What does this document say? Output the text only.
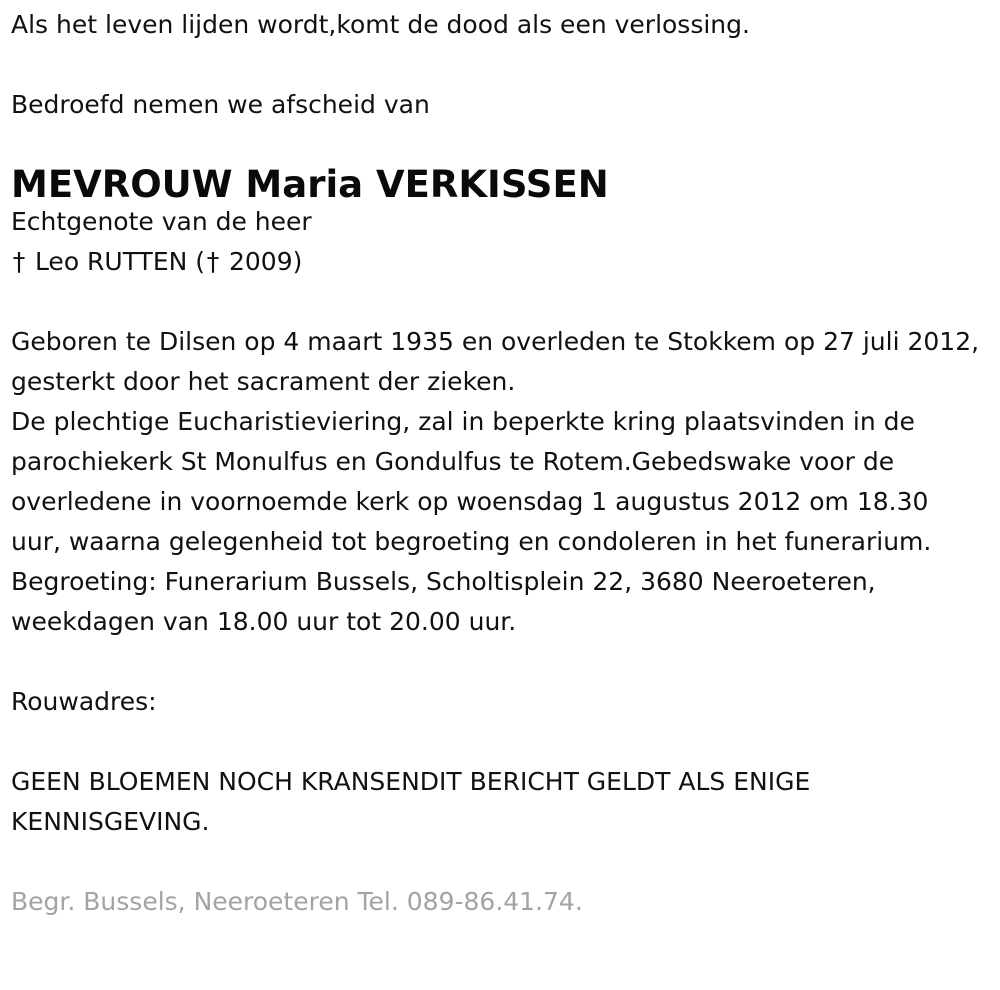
Als het leven lijden wordt,komt de dood als een verlossing.
Bedroefd nemen we afscheid van
MEVROUW Maria VERKISSEN
Echtgenote van de heer
† Leo RUTTEN († 2009)
Geboren te Dilsen op 4 maart 1935 en overleden te Stokkem op 27 juli 2012, gesterkt door het sacrament der zieken.
De plechtige Eucharistieviering, zal in beperkte kring plaatsvinden in de parochiekerk St Monulfus en Gondulfus te Rotem.Gebedswake voor de overledene in voornoemde kerk op woensdag 1 augustus 2012 om 18.30 uur, waarna gelegenheid tot begroeting en condoleren in het funerarium.
Begroeting: Funerarium Bussels, Scholtisplein 22, 3680 Neeroeteren, weekdagen van 18.00 uur tot 20.00 uur.
Rouwadres:
GEEN BLOEMEN NOCH KRANSENDIT BERICHT GELDT ALS ENIGE KENNISGEVING.
Begr. Bussels, Neeroeteren Tel. 089-86.41.74.
